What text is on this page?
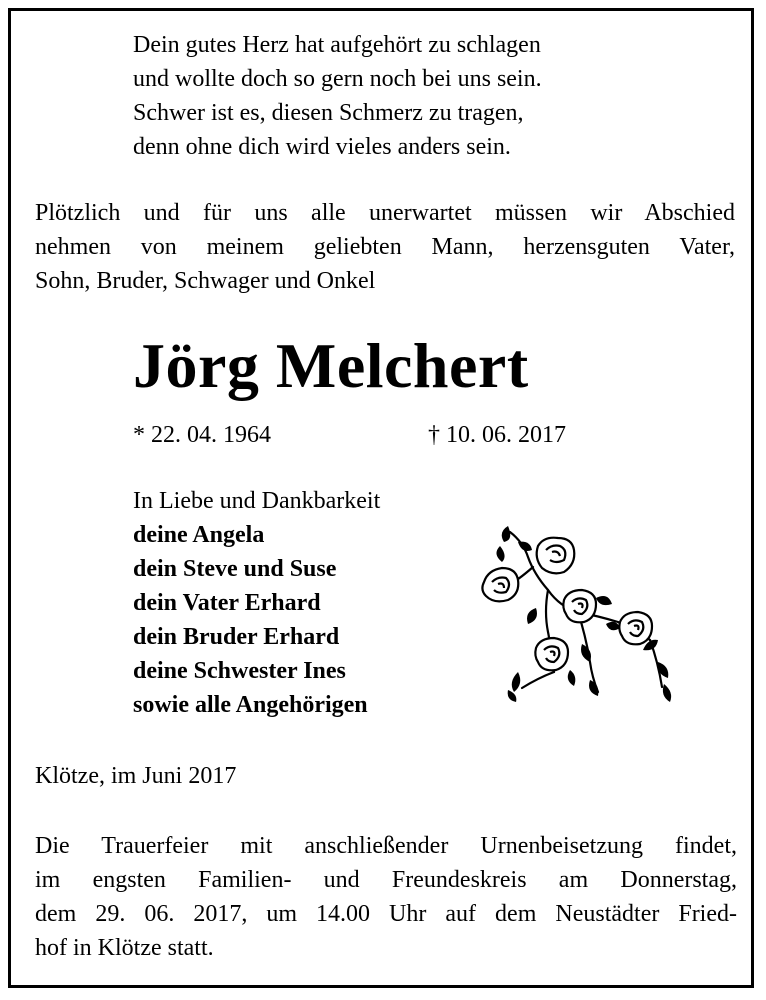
Dein gutes Herz hat aufgehört zu schlagen
und wollte doch so gern noch bei uns sein.
Schwer ist es, diesen Schmerz zu tragen,
denn ohne dich wird vieles anders sein.
Plötzlich und für uns alle unerwartet müssen wir Abschied
nehmen von meinem geliebten Mann, herzensguten Vater,
Sohn, Bruder, Schwager und Onkel
Jörg Melchert
* 22. 04. 1964	† 10. 06. 2017
In Liebe und Dankbarkeit
deine Angela
dein Steve und Suse
dein Vater Erhard
dein Bruder Erhard
deine Schwester Ines
sowie alle Angehörigen
Klötze, im Juni 2017
Die Trauerfeier mit anschließender Urnenbeisetzung findet,
im engsten Familien- und Freundeskreis am Donnerstag,
dem 29. 06. 2017, um 14.00 Uhr auf dem Neustädter Fried-
hof in Klötze statt.
